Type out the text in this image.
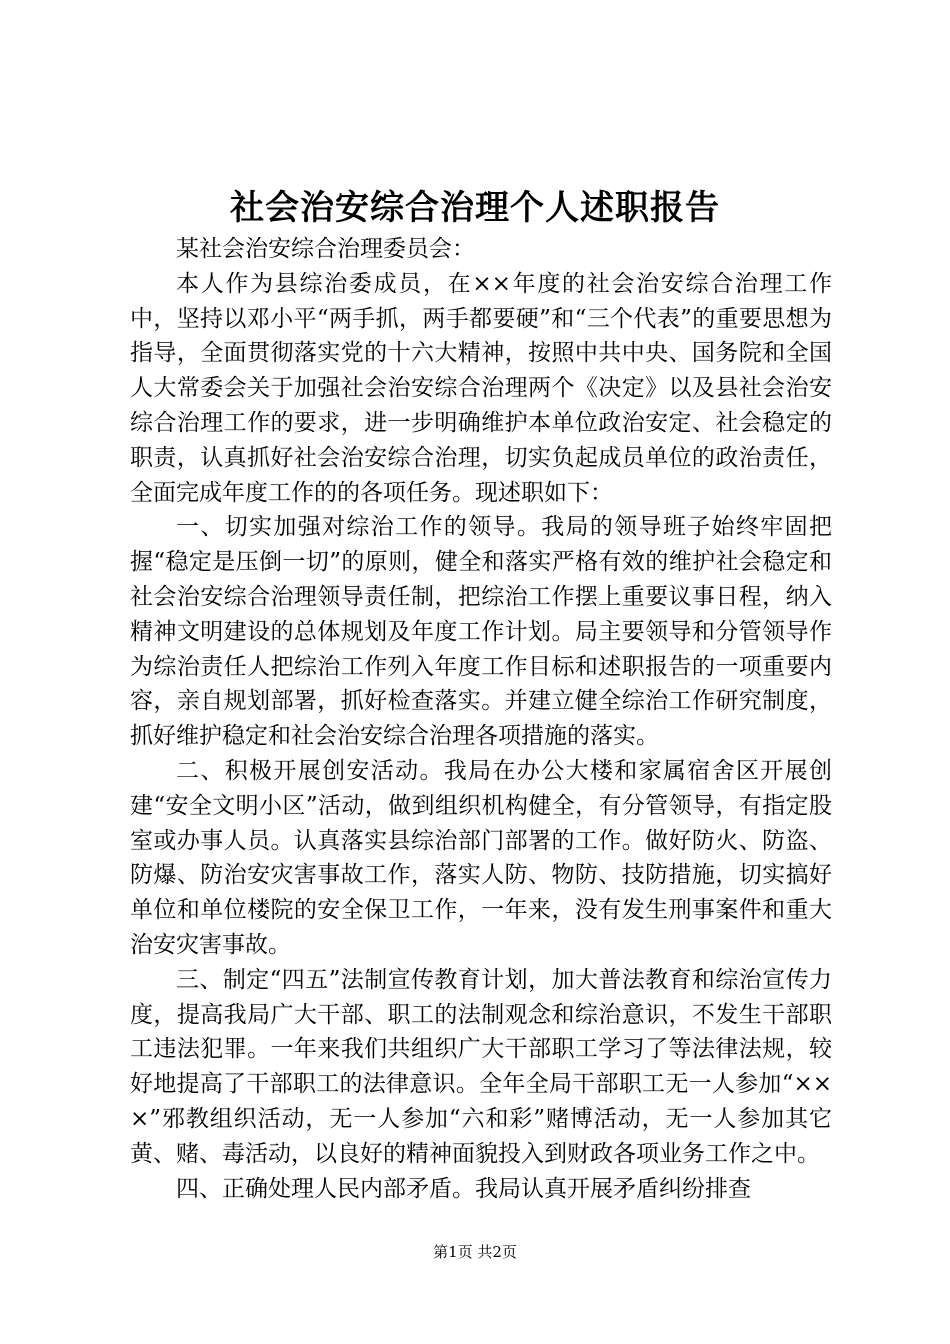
社会治安综合治理个人述职报告

某社会治安综合治理委员会：

本人作为县综治委成员，在××年度的社会治安综合治理工作中，坚持以邓小平“两手抓，两手都要硬”和“三个代表”的重要思想为指导，全面贯彻落实党的十六大精神，按照中共中央、国务院和全国人大常委会关于加强社会治安综合治理两个《决定》以及县社会治安综合治理工作的要求，进一步明确维护本单位政治安定、社会稳定的职责，认真抓好社会治安综合治理，切实负起成员单位的政治责任，全面完成年度工作的的各项任务。现述职如下：

一、切实加强对综治工作的领导。我局的领导班子始终牢固把握“稳定是压倒一切”的原则，健全和落实严格有效的维护社会稳定和社会治安综合治理领导责任制，把综治工作摆上重要议事日程，纳入精神文明建设的总体规划及年度工作计划。局主要领导和分管领导作为综治责任人把综治工作列入年度工作目标和述职报告的一项重要内容，亲自规划部署，抓好检查落实。并建立健全综治工作研究制度，抓好维护稳定和社会治安综合治理各项措施的落实。

二、积极开展创安活动。我局在办公大楼和家属宿舍区开展创建“安全文明小区”活动，做到组织机构健全，有分管领导，有指定股室或办事人员。认真落实县综治部门部署的工作。做好防火、防盗、防爆、防治安灾害事故工作，落实人防、物防、技防措施，切实搞好单位和单位楼院的安全保卫工作，一年来，没有发生刑事案件和重大治安灾害事故。

三、制定“四五”法制宣传教育计划，加大普法教育和综治宣传力度，提高我局广大干部、职工的法制观念和综治意识，不发生干部职工违法犯罪。一年来我们共组织广大干部职工学习了等法律法规，较好地提高了干部职工的法律意识。全年全局干部职工无一人参加“×××”邪教组织活动，无一人参加“六和彩”赌博活动，无一人参加其它黄、赌、毒活动，以良好的精神面貌投入到财政各项业务工作之中。

四、正确处理人民内部矛盾。我局认真开展矛盾纠纷排查

第1页 共2页
